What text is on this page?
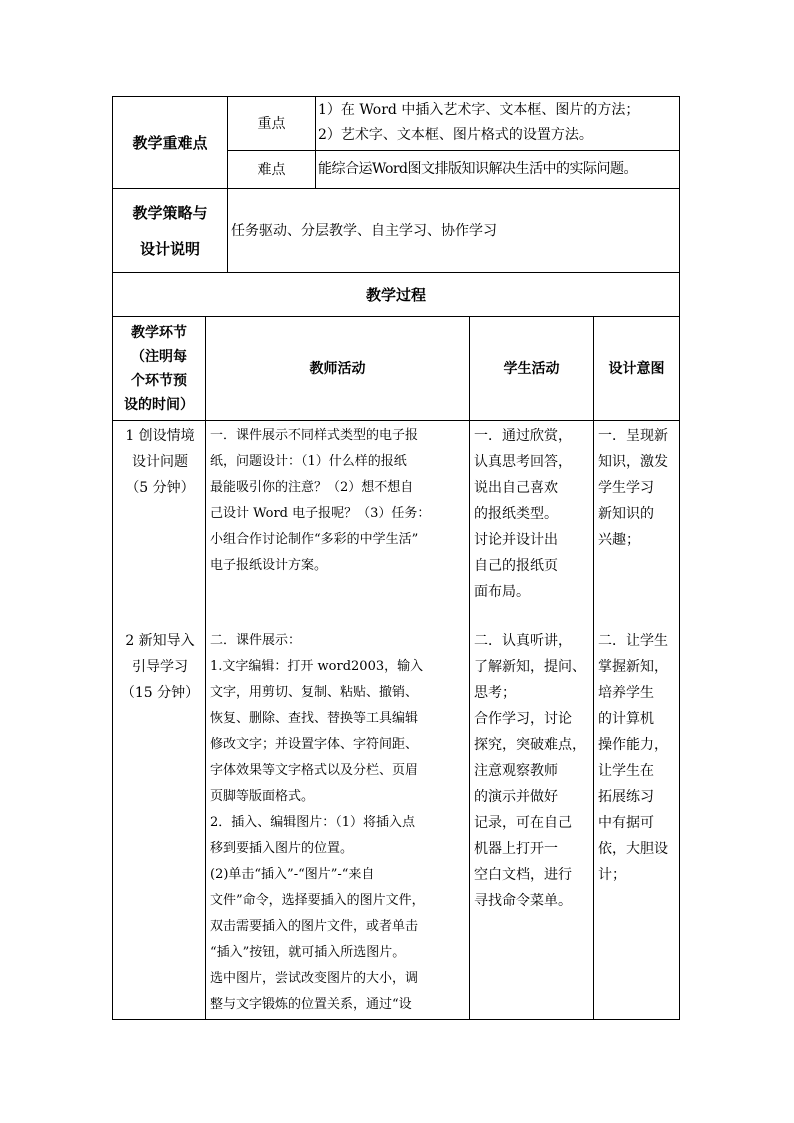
教学重难点
重点
1）在 Word 中插入艺术字、文本框、图片的方法；
2）艺术字、文本框、图片格式的设置方法。
难点 能综合运Word图文排版知识解决生活中的实际问题。
教学策略与
设计说明
任务驱动、分层教学、自主学习、协作学习
教学过程
教学环节
（注明每
个环节预
设的时间）
教师活动	学生活动	设计意图
1 创设情境
设计问题
（5 分钟）
一．课件展示不同样式类型的电子报
纸，问题设计：（1）什么样的报纸
最能吸引你的注意？（2）想不想自
己设计 Word 电子报呢？（3）任务：
小组合作讨论制作“多彩的中学生活”
电子报纸设计方案。
一．通过欣赏，
认真思考回答，
说出自己喜欢
的报纸类型。
讨论并设计出
自己的报纸页
面布局。
一．呈现新
知识，激发
学生学习
新知识的
兴趣；
2 新知导入
引导学习
（15 分钟）
二．课件展示：
1.文字编辑：打开 word2003，输入
文字，用剪切、复制、粘贴、撤销、
恢复、删除、查找、替换等工具编辑
修改文字；并设置字体、字符间距、
字体效果等文字格式以及分栏、页眉
页脚等版面格式。
2．插入、编辑图片：（1）将插入点
移到要插入图片的位置。
(2)单击“插入”-“图片”-“来自
文件”命令，选择要插入的图片文件，
双击需要插入的图片文件，或者单击
“插入”按钮，就可插入所选图片。
选中图片，尝试改变图片的大小，调
整与文字锻炼的位置关系，通过“设
二．认真听讲，
了解新知，提问、
思考；
合作学习，讨论
探究，突破难点，
注意观察教师
的演示并做好
记录，可在自己
机器上打开一
空白文档，进行
寻找命令菜单。
二．让学生
掌握新知，
培养学生
的计算机
操作能力，
让学生在
拓展练习
中有据可
依，大胆设
计；
